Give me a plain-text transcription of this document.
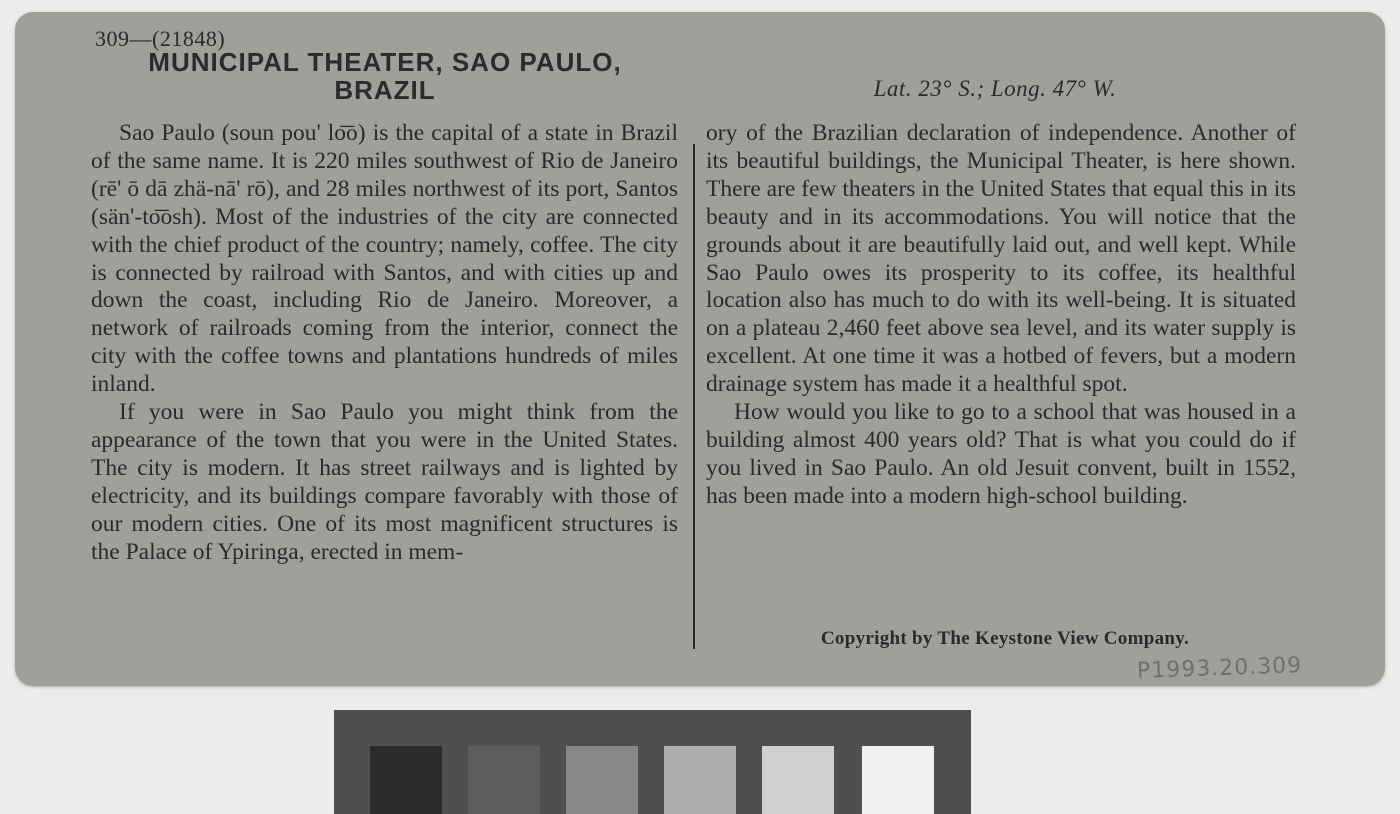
309—(21848)
MUNICIPAL THEATER, SAO PAULO,
BRAZIL	Lat. 23° S.; Long. 47° W.

Sao Paulo (soun pou' lo͞o) is the capital of a state in Brazil of the same name. It is 220 miles southwest of Rio de Janeiro (rē' ō dā zhä-nā' rō), and 28 miles northwest of its port, Santos (sän'-to͞osh). Most of the industries of the city are connected with the chief product of the country; namely, coffee. The city is connected by railroad with Santos, and with cities up and down the coast, including Rio de Janeiro. Moreover, a network of railroads coming from the interior, connect the city with the coffee towns and plantations hundreds of miles inland.

If you were in Sao Paulo you might think from the appearance of the town that you were in the United States. The city is modern. It has street railways and is lighted by electricity, and its buildings compare favorably with those of our modern cities. One of its most magnificent structures is the Palace of Ypiringa, erected in mem-

ory of the Brazilian declaration of independence. Another of its beautiful buildings, the Municipal Theater, is here shown. There are few theaters in the United States that equal this in its beauty and in its accommodations. You will notice that the grounds about it are beautifully laid out, and well kept. While Sao Paulo owes its prosperity to its coffee, its healthful location also has much to do with its well-being. It is situated on a plateau 2,460 feet above sea level, and its water supply is excellent. At one time it was a hotbed of fevers, but a modern drainage system has made it a healthful spot.

How would you like to go to a school that was housed in a building almost 400 years old? That is what you could do if you lived in Sao Paulo. An old Jesuit convent, built in 1552, has been made into a modern high-school building.

Copyright by The Keystone View Company.
P1993.20.309
